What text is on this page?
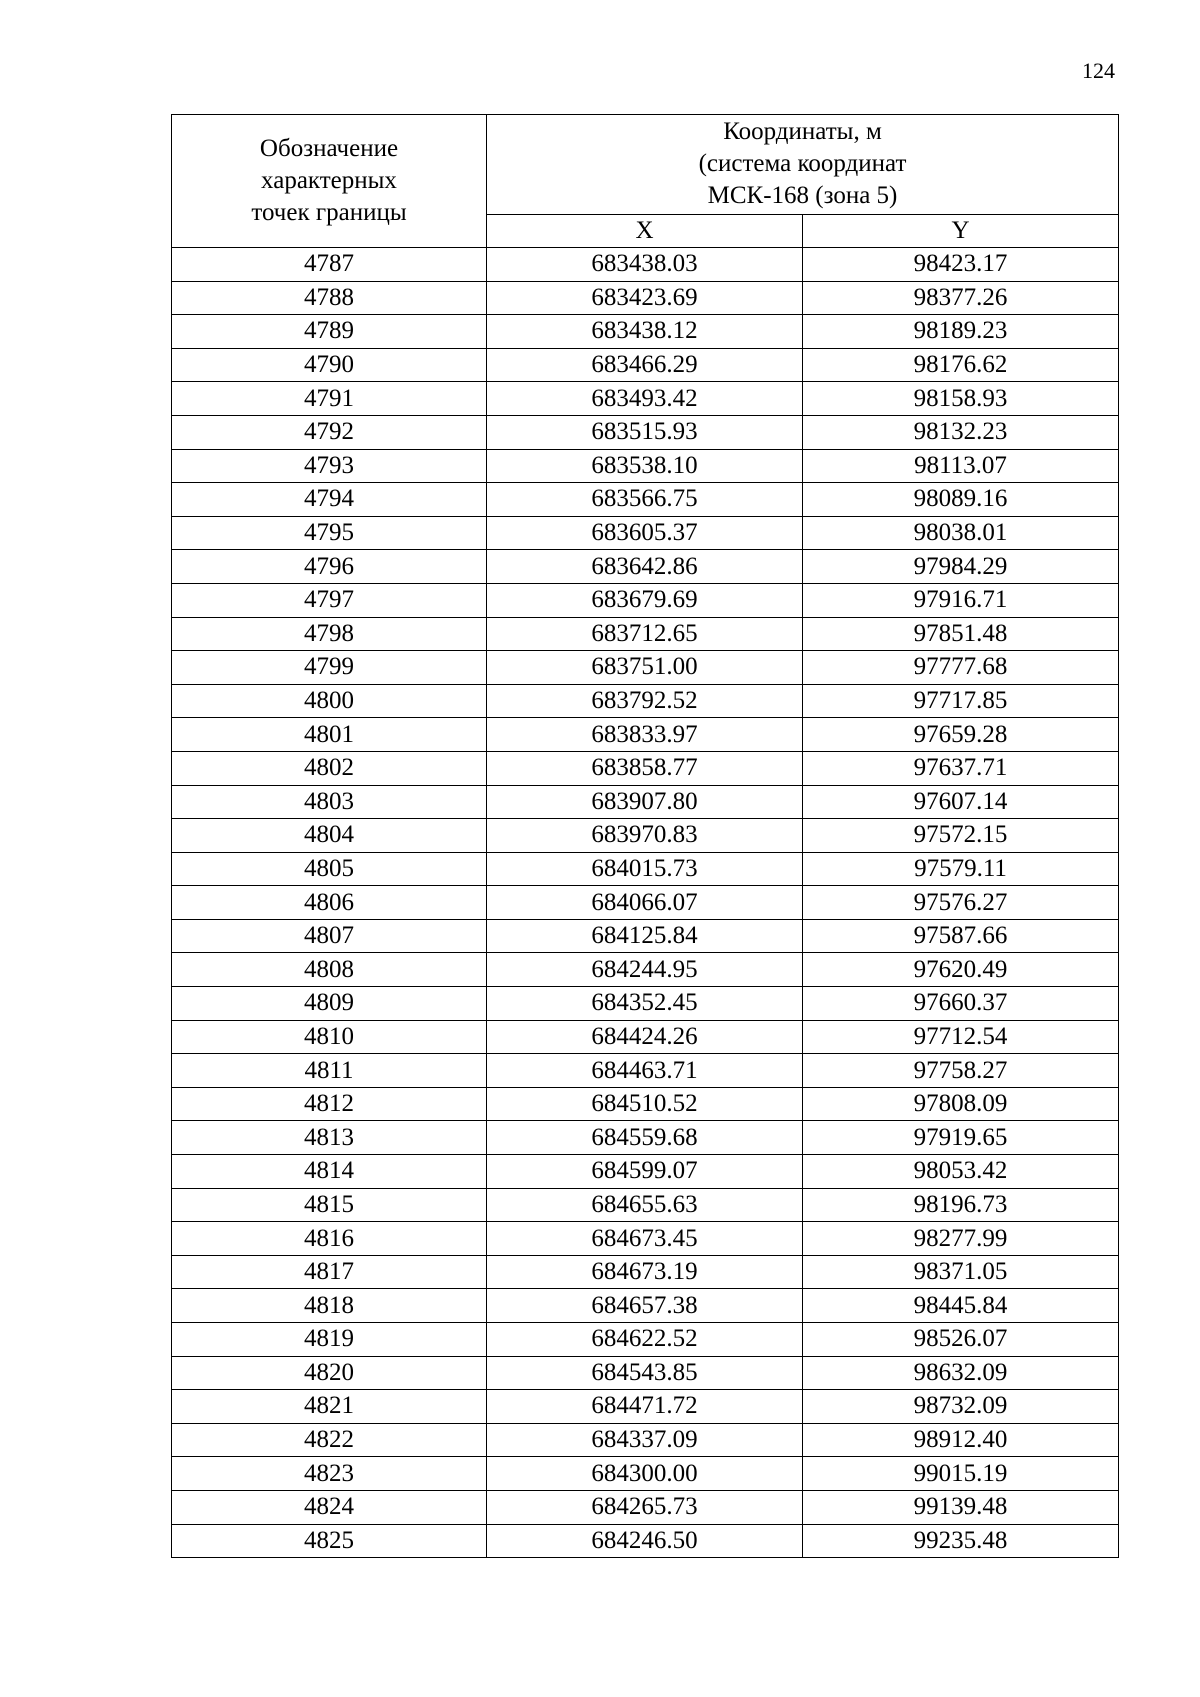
124
Обозначение
характерных
точек границы	Координаты, м
(система координат
МСК-168 (зона 5)	

	X	Y
4787	683438.03	98423.17
4788	683423.69	98377.26
4789	683438.12	98189.23
4790	683466.29	98176.62
4791	683493.42	98158.93
4792	683515.93	98132.23
4793	683538.10	98113.07
4794	683566.75	98089.16
4795	683605.37	98038.01
4796	683642.86	97984.29
4797	683679.69	97916.71
4798	683712.65	97851.48
4799	683751.00	97777.68
4800	683792.52	97717.85
4801	683833.97	97659.28
4802	683858.77	97637.71
4803	683907.80	97607.14
4804	683970.83	97572.15
4805	684015.73	97579.11
4806	684066.07	97576.27
4807	684125.84	97587.66
4808	684244.95	97620.49
4809	684352.45	97660.37
4810	684424.26	97712.54
4811	684463.71	97758.27
4812	684510.52	97808.09
4813	684559.68	97919.65
4814	684599.07	98053.42
4815	684655.63	98196.73
4816	684673.45	98277.99
4817	684673.19	98371.05
4818	684657.38	98445.84
4819	684622.52	98526.07
4820	684543.85	98632.09
4821	684471.72	98732.09
4822	684337.09	98912.40
4823	684300.00	99015.19
4824	684265.73	99139.48
4825	684246.50	99235.48
